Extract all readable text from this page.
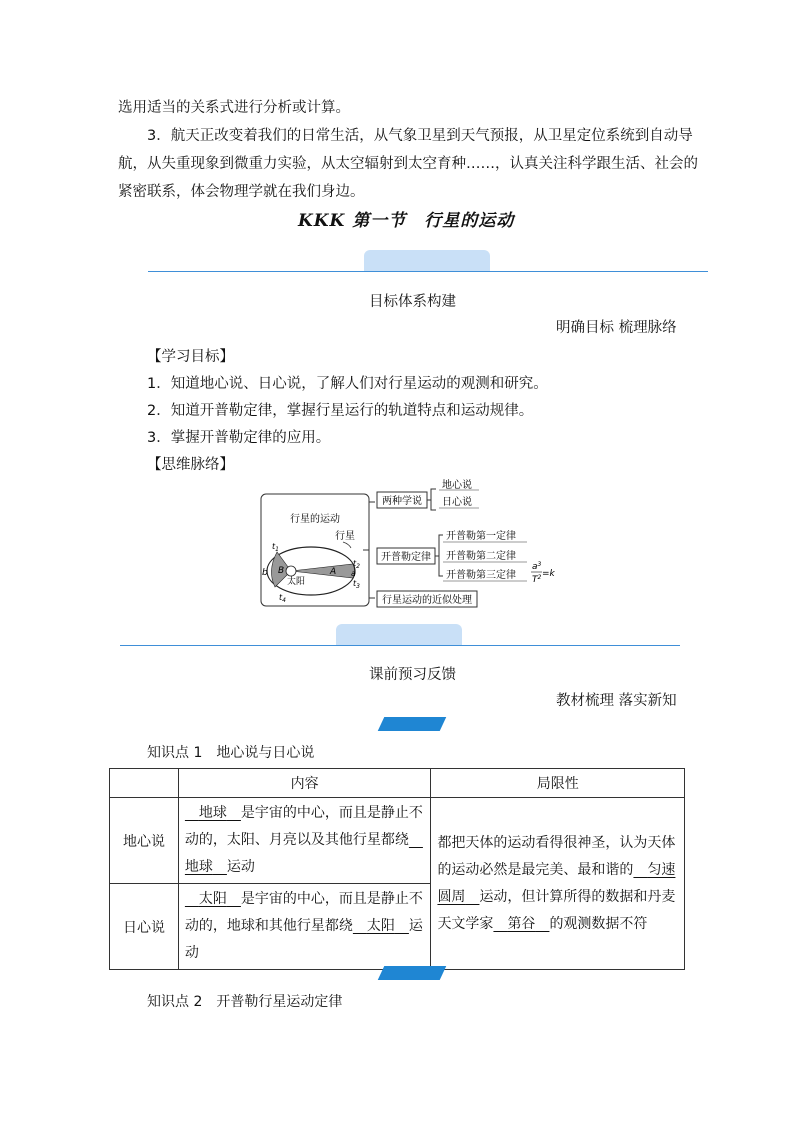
选用适当的关系式进行分析或计算。
3．航天正改变着我们的日常生活，从气象卫星到天气预报，从卫星定位系统到自动导
航，从失重现象到微重力实验，从太空辐射到太空育种……，认真关注科学跟生活、社会的
紧密联系，体会物理学就在我们身边。
KKK 第一节　行星的运动
目标体系构建
明确目标 梳理脉络
【学习目标】
1．知道地心说、日心说，了解人们对行星运动的观测和研究。
2．知道开普勒定律，掌握行星运行的轨道特点和运动规律。
3．掌握开普勒定律的应用。
【思维脉络】
行星的运动
行星
b B
太阳
A a
$t_1$
$t_2$
$t_3$
$t_4$
两种学说
地心说
日心说
开普勒定律
开普勒第一定律
开普勒第二定律
开普勒第三定律
$a^3$
$T^2 =k$
行星运动的近似处理
课前预习反馈
教材梳理 落实新知
知识点 1　地心说与日心说
	内容	局限性
地心说	　地球　 是宇宙的中心，而且是静止不动的，太阳、月亮以及其他行星都绕　地球　 运动	都把天体的运动看得很神圣，认为天体的运动必然是最完美、最和谐的　 匀速圆周　 运动，但计算所得的数据和丹麦天文学家　 第谷　 的观测数据不符
日心说	　太阳　 是宇宙的中心，而且是静止不动的，地球和其他行星都绕　 太阳　 运动	
知识点 2　开普勒行星运动定律
